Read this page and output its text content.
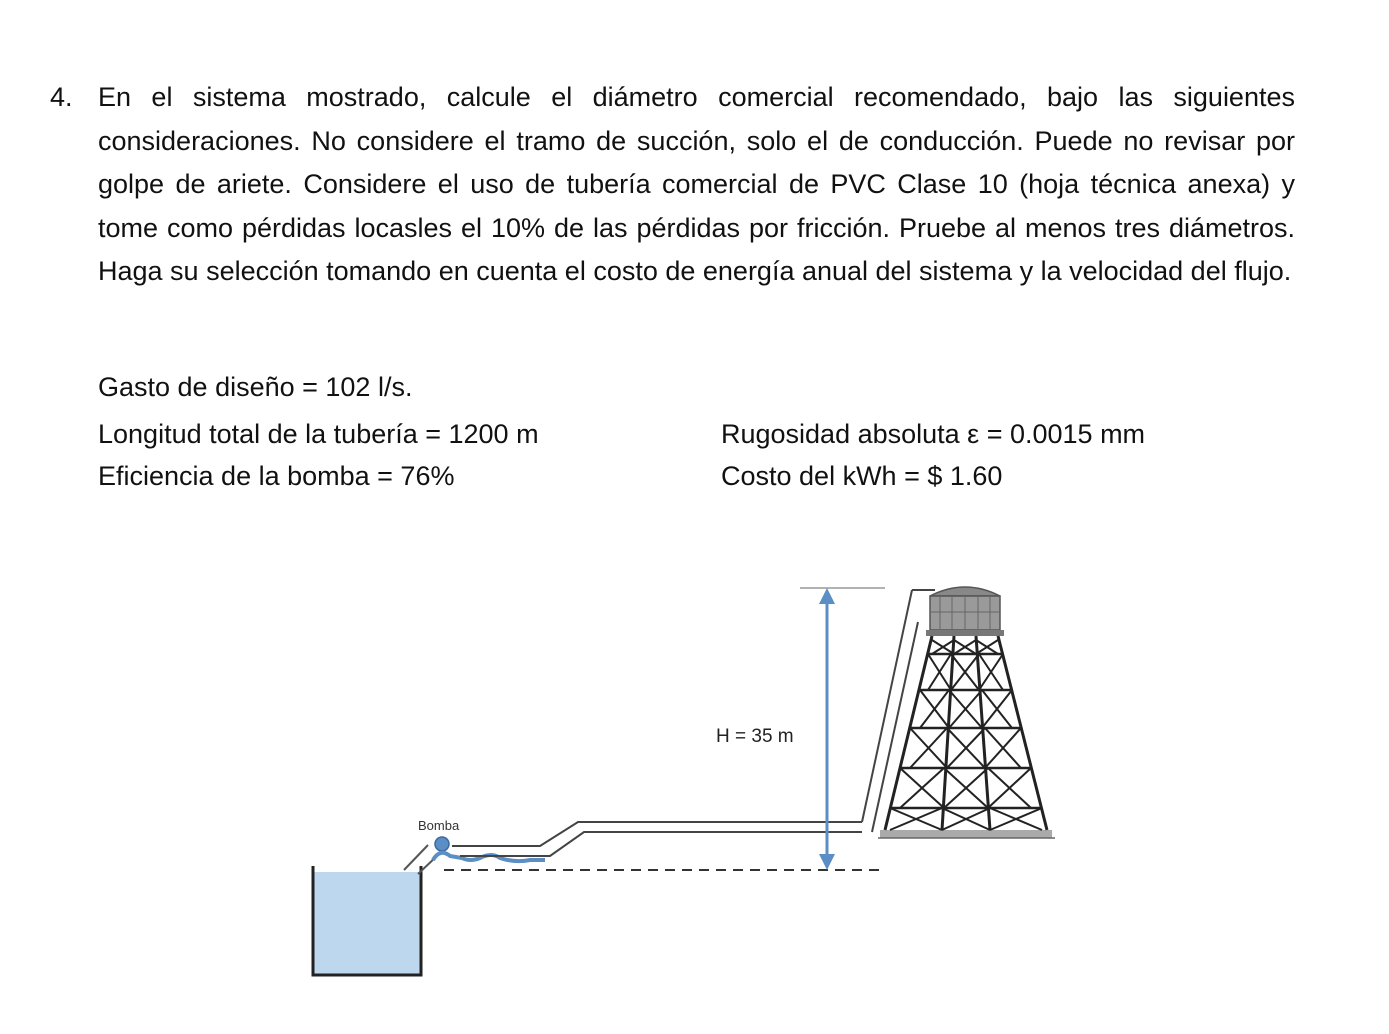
4. En el sistema mostrado, calcule el diámetro comercial recomendado, bajo las siguientes consideraciones. No considere el tramo de succión, solo el de conducción. Puede no revisar por golpe de ariete. Considere el uso de tubería comercial de PVC Clase 10 (hoja técnica anexa) y tome como pérdidas locasles el 10% de las pérdidas por fricción. Pruebe al menos tres diámetros. Haga su selección tomando en cuenta el costo de energía anual del sistema y la velocidad del flujo.
Gasto de diseño = 102 l/s.
Longitud total de la tubería = 1200 m
Eficiencia de la bomba = 76%
Rugosidad absoluta ε = 0.0015 mm
Costo del kWh = $ 1.60
Bomba
H = 35 m
